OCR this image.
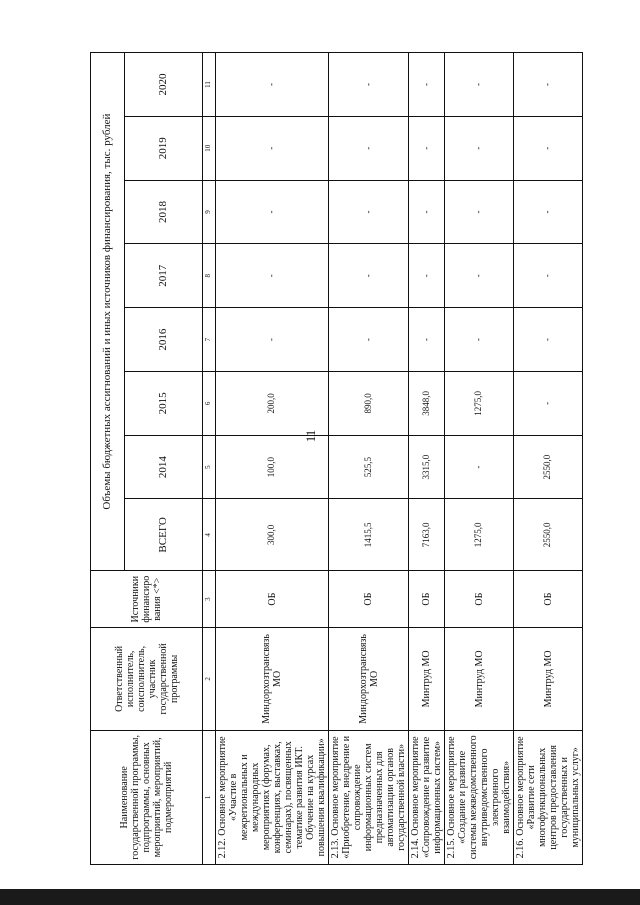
11
Наименование государственной программы, подпрограммы, основных мероприятий, мероприятий, подмероприятий	Ответственный исполнитель, соисполнитель, участник государственной программы	Источники финансиро вания <*>	Объемы бюджетных ассигнований и иных источников финансирования, тыс. рублей							
			ВСЕГО	2014	2015	2016	2017	2018	2019	2020
1	2	3	4	5	6	7	8	9	10	11
2.12. Основное мероприятие «Участие в межрегиональных и международных мероприятиях (форумах, конференциях, выставках, семинарах), посвященных тематике развития ИКТ. Обучение на курсах повышения квалификации»	Миндорхозтрансвязь МО	ОБ	300,0	100,0	200,0	-	-	-	-	-
2.13. Основное мероприятие «Приобретение, внедрение и сопровождение информационных систем предназначенных для автоматизации органов государственной власти»	Миндорхозтрансвязь МО	ОБ	1415,5	525,5	890,0	-	-	-	-	-
2.14. Основное мероприятие «Сопровождение и развитие информационных систем»	Минтруд МО	ОБ	7163,0	3315,0	3848,0	-	-	-	-	-
2.15. Основное мероприятие «Создание и развитие системы межведомственного внутриведомственного электронного взаимодействия»	Минтруд МО	ОБ	1275,0	-	1275,0	-	-	-	-	-
2.16. Основное мероприятие «Развитие сети многофункциональных центров предоставления государственных и муниципальных услуг»	Минтруд МО	ОБ	2550,0	2550,0	-	-	-	-	-	-
